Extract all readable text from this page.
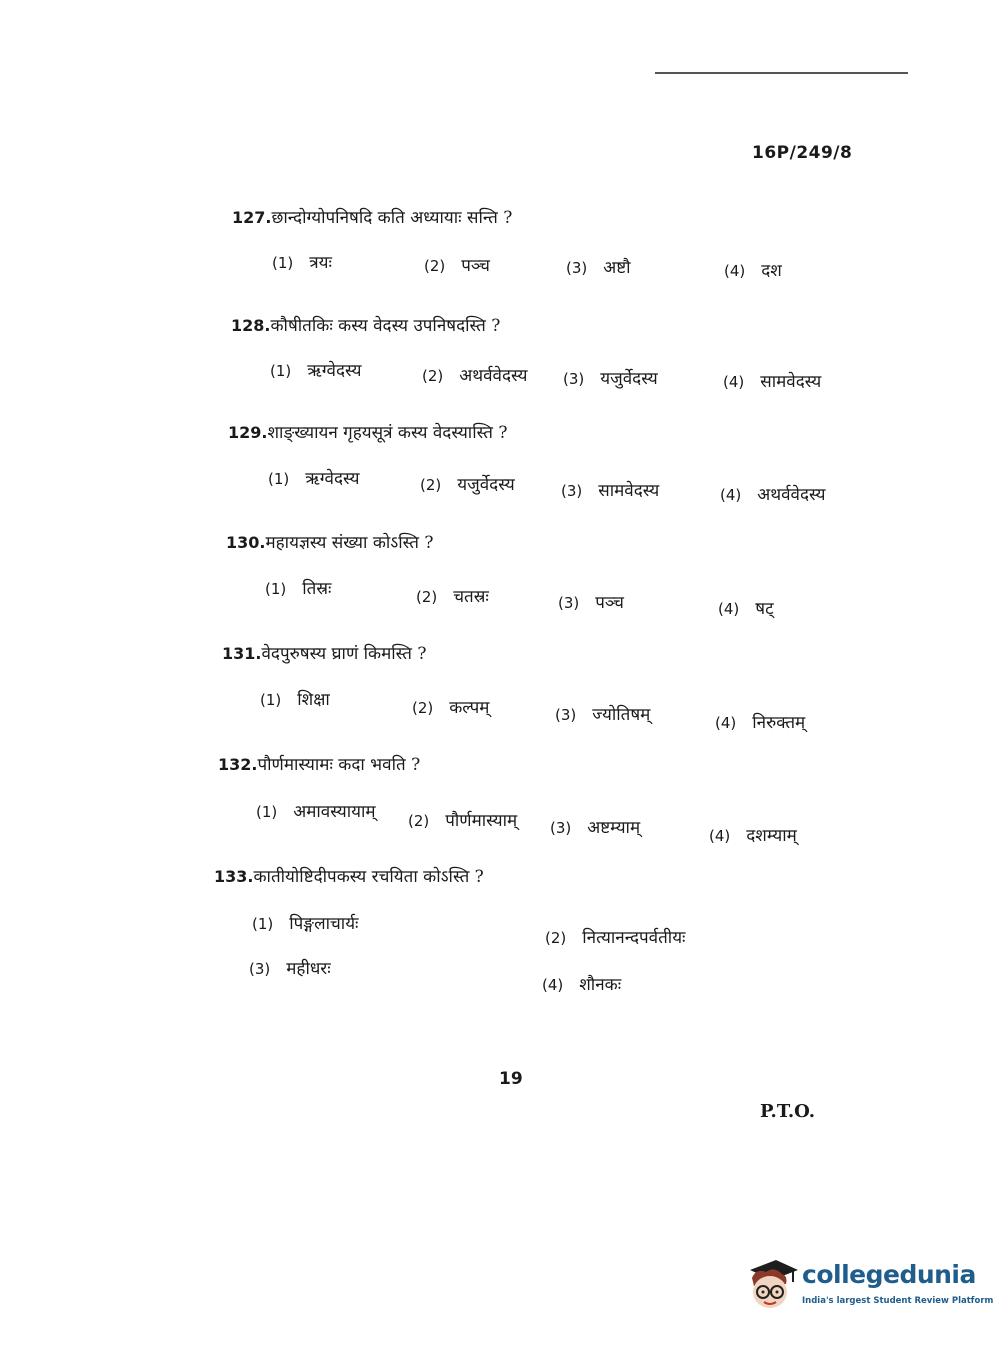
16P/249/8
127.छान्दोग्योपनिषदि कति अध्यायाः सन्ति ?
(1) त्रयः	(2) पञ्च	(3) अष्टौ	(4) दश
128.कौषीतकिः कस्य वेदस्य उपनिषदस्ति ?
(1) ऋग्वेदस्य	(2) अथर्ववेदस्य (3) यजुर्वेदस्य	(4) सामवेदस्य
129.शाङ्ख्यायन गृहयसूत्रं कस्य वेदस्यास्ति ?
(1) ऋग्वेदस्य	(2) यजुर्वेदस्य	(3) सामवेदस्य	(4) अथर्ववेदस्य
130.महायज्ञस्य संख्या कोऽस्ति ?
(1) तिस्रः	(2) चतस्रः	(3) पञ्च	(4) षट्
131.वेदपुरुषस्य घ्राणं किमस्ति ?
(1) शिक्षा	(2) कल्पम्	(3) ज्योतिषम्	(4) निरुक्तम्
132.पौर्णमास्यामः कदा भवति ?
(1) अमावस्यायाम् (2) पौर्णमास्याम् (3) अष्टम्याम्	(4) दशम्याम्
133.कातीयोष्टिदीपकस्य रचयिता कोऽस्ति ?
(1) पिङ्गलाचार्यः
(2) नित्यानन्दपर्वतीयः
(3) महीधरः
(4) शौनकः
19
P.T.O.
collegedunia
India's largest Student Review Platform
